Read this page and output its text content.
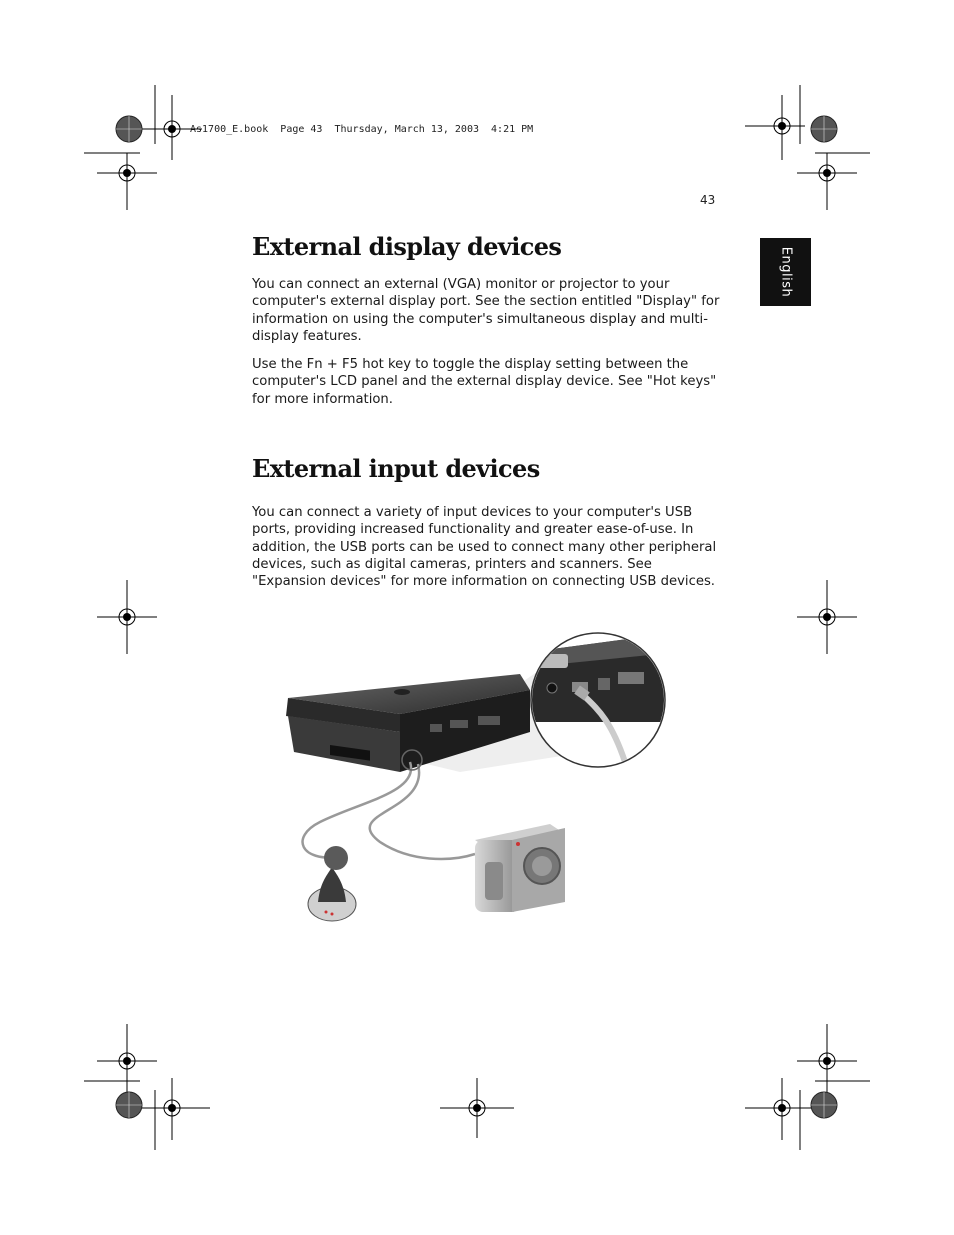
As1700_E.book  Page 43  Thursday, March 13, 2003  4:21 PM
43
English
External display devices

You can connect an external (VGA) monitor or projector to your computer's external display port. See the section entitled "Display" for information on using the computer's simultaneous display and multi-display features.

Use the Fn + F5 hot key to toggle the display setting between the computer's LCD panel and the external display device. See "Hot keys" for more information.

External input devices

You can connect a variety of input devices to your computer's USB ports, providing increased functionality and greater ease-of-use. In addition, the USB ports can be used to connect many other peripheral devices, such as digital cameras, printers and scanners. See "Expansion devices" for more information on connecting USB devices.
